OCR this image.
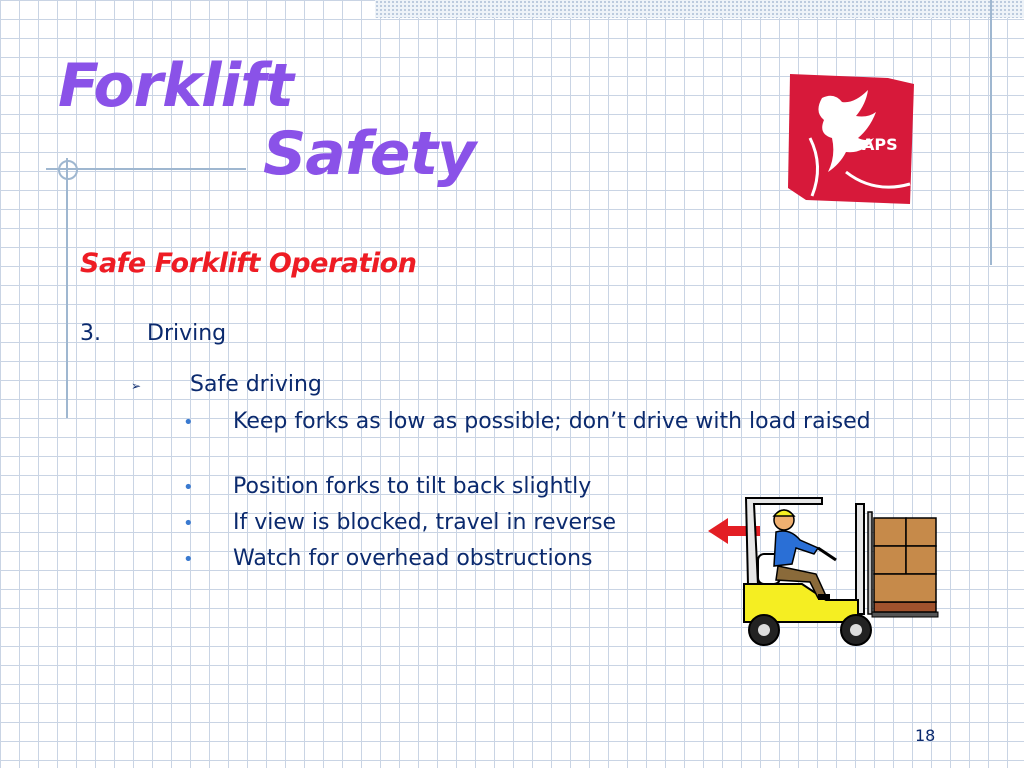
Forklift
Safety	APS
Safe Forklift Operation
3. Driving
➢ Safe driving
• Keep forks as low as possible; don’t drive with load raised
• Position forks to tilt back slightly
• If view is blocked, travel in reverse
• Watch for overhead obstructions
18
